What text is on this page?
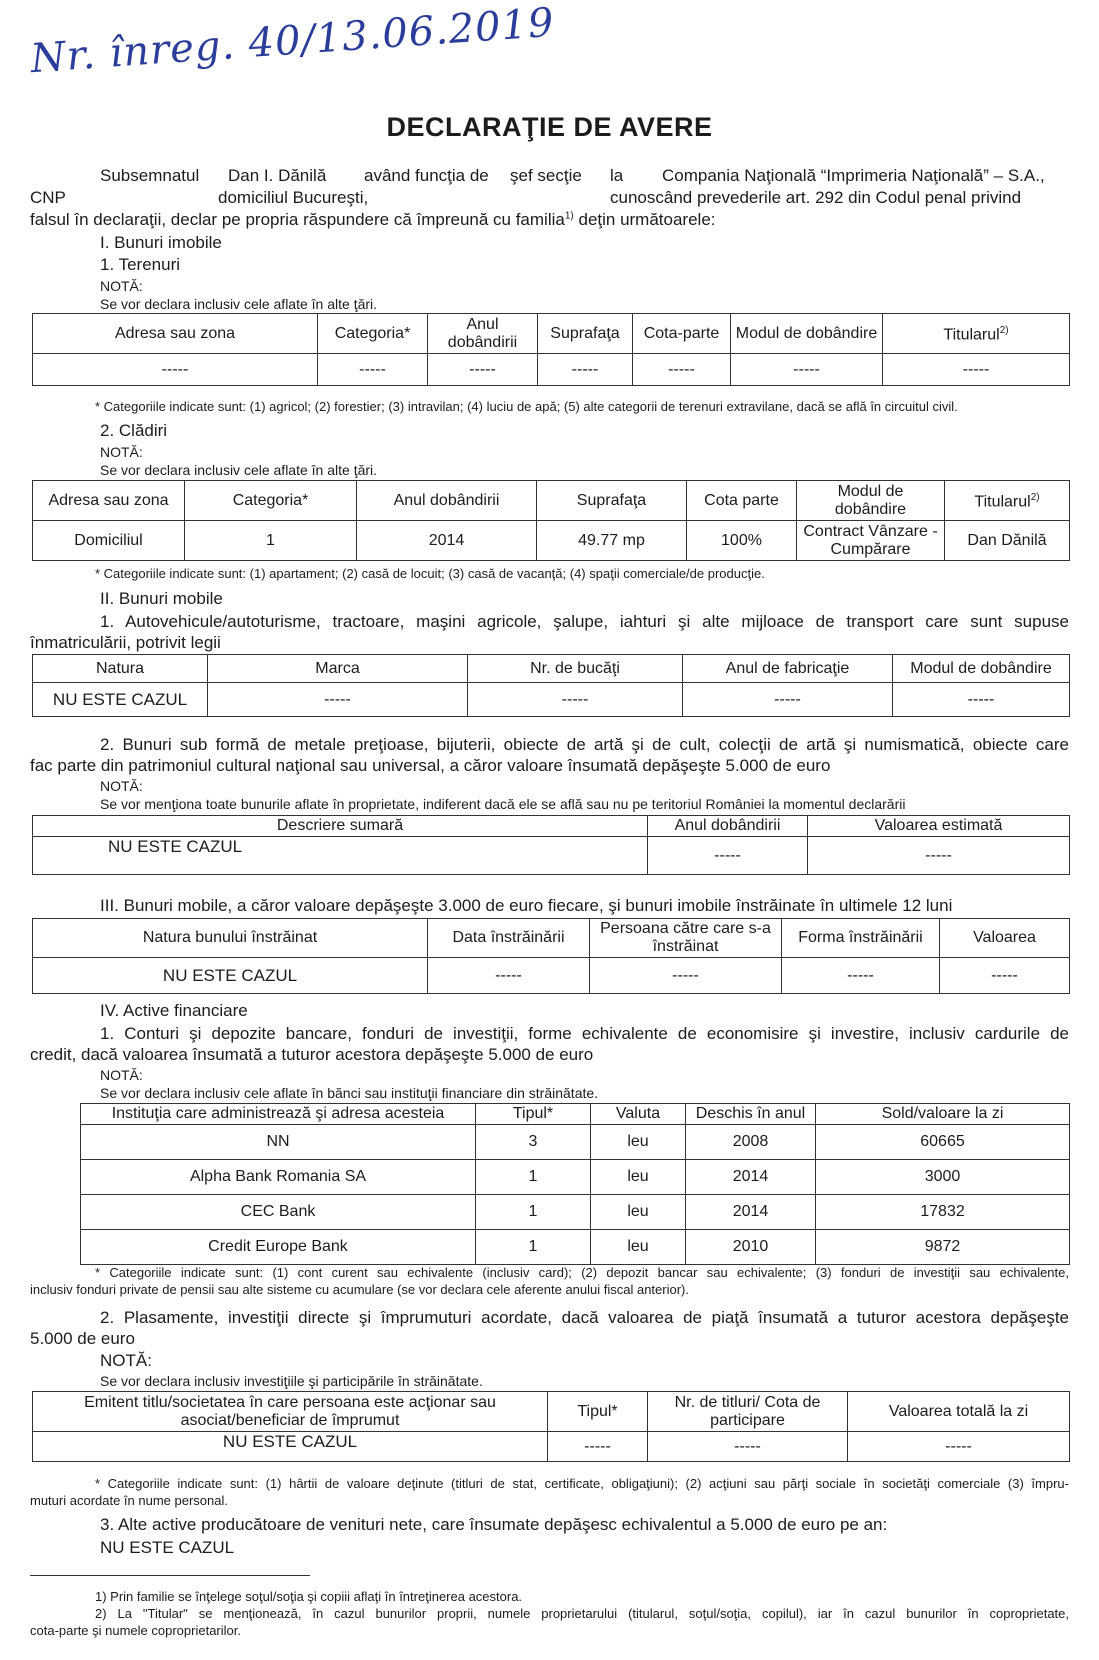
Nr. înreg. 40/13.06.2019
DECLARAŢIE DE AVERE
Subsemnatul Dan I. Dănilă având funcţia de şef secţie la Compania Naţională “Imprimeria Naţională” – S.A.,
CNP	domiciliul Bucureşti,	cunoscând prevederile art. 292 din Codul penal privind
falsul în declaraţii, declar pe propria răspundere că împreună cu familia$^{1)}$ deţin următoarele:
I. Bunuri imobile
1. Terenuri
NOTĂ:
Se vor declara inclusiv cele aflate în alte ţări.
Adresa sau zona	Categoria*	Anul dobândirii	Suprafaţa	Cota-parte	Modul de dobândire	Titularul$^{2)}$
-----	-----	-----	-----	-----	-----	-----
* Categoriile indicate sunt: (1) agricol; (2) forestier; (3) intravilan; (4) luciu de apă; (5) alte categorii de terenuri extravilane, dacă se află în circuitul civil.
2. Clădiri
NOTĂ:
Se vor declara inclusiv cele aflate în alte ţări.
Adresa sau zona	Categoria*	Anul dobândirii	Suprafaţa	Cota parte	Modul de dobândire	Titularul$^{2)}$
Domiciliul	1	2014	49.77 mp	100%	Contract Vânzare - Cumpărare	Dan Dănilă
* Categoriile indicate sunt: (1) apartament; (2) casă de locuit; (3) casă de vacanţă; (4) spaţii comerciale/de producţie.
II. Bunuri mobile
1. Autovehicule/autoturisme, tractoare, maşini agricole, şalupe, iahturi şi alte mijloace de transport care sunt supuse
înmatriculării, potrivit legii
Natura	Marca	Nr. de bucăţi	Anul de fabricaţie	Modul de dobândire
NU ESTE CAZUL	-----	-----	-----	-----
2. Bunuri sub formă de metale preţioase, bijuterii, obiecte de artă şi de cult, colecţii de artă şi numismatică, obiecte care
fac parte din patrimoniul cultural naţional sau universal, a căror valoare însumată depăşeşte 5.000 de euro
NOTĂ:
Se vor menţiona toate bunurile aflate în proprietate, indiferent dacă ele se află sau nu pe teritoriul României la momentul declarării
Descriere sumară	Anul dobândirii	Valoarea estimată
NU ESTE CAZUL	-----	-----
III. Bunuri mobile, a căror valoare depăşeşte 3.000 de euro fiecare, şi bunuri imobile înstrăinate în ultimele 12 luni
Natura bunului înstrăinat	Data înstrăinării	Persoana către care s-a înstrăinat	Forma înstrăinării	Valoarea
NU ESTE CAZUL	-----	-----	-----	-----
IV. Active financiare
1. Conturi şi depozite bancare, fonduri de investiţii, forme echivalente de economisire şi investire, inclusiv cardurile de
credit, dacă valoarea însumată a tuturor acestora depăşeşte 5.000 de euro
NOTĂ:
Se vor declara inclusiv cele aflate în bănci sau instituţii financiare din străinătate.
Instituţia care administrează şi adresa acesteia	Tipul*	Valuta	Deschis în anul	Sold/valoare la zi
NN	3	leu	2008	60665
Alpha Bank Romania SA	1	leu	2014	3000
CEC Bank	1	leu	2014	17832
Credit Europe Bank	1	leu	2010	9872
* Categoriile indicate sunt: (1) cont curent sau echivalente (inclusiv card); (2) depozit bancar sau echivalente; (3) fonduri de investiţii sau echivalente,
inclusiv fonduri private de pensii sau alte sisteme cu acumulare (se vor declara cele aferente anului fiscal anterior).
2. Plasamente, investiţii directe şi împrumuturi acordate, dacă valoarea de piaţă însumată a tuturor acestora depăşeşte
5.000 de euro
NOTĂ:
Se vor declara inclusiv investiţiile şi participările în străinătate.
Emitent titlu/societatea în care persoana este acţionar sau asociat/beneficiar de împrumut	Tipul*	Nr. de titluri/ Cota de participare	Valoarea totală la zi
NU ESTE CAZUL	-----	-----	-----
* Categoriile indicate sunt: (1) hârtii de valoare deţinute (titluri de stat, certificate, obligaţiuni); (2) acţiuni sau părţi sociale în societăţi comerciale (3) împru-
muturi acordate în nume personal.
3. Alte active producătoare de venituri nete, care însumate depăşesc echivalentul a 5.000 de euro pe an:
NU ESTE CAZUL
1) Prin familie se înţelege soţul/soţia şi copiii aflaţi în întreţinerea acestora.
2) La "Titular" se menţionează, în cazul bunurilor proprii, numele proprietarului (titularul, soţul/soţia, copilul), iar în cazul bunurilor în coproprietate,
cota-parte şi numele coproprietarilor.
